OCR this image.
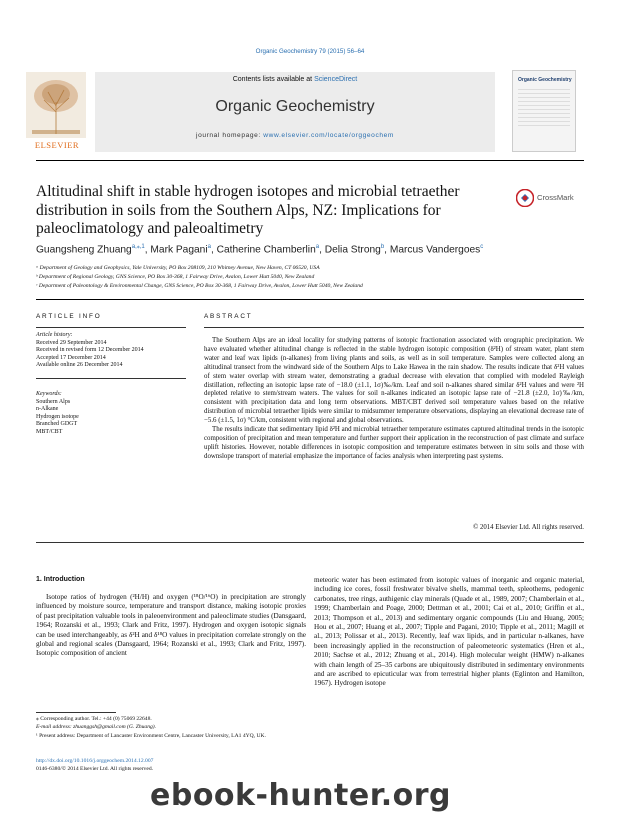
Organic Geochemistry 79 (2015) 56–64
ELSEVIER
Contents lists available at ScienceDirect
Organic Geochemistry
journal homepage: www.elsevier.com/locate/orggeochem
Organic Geochemistry
Altitudinal shift in stable hydrogen isotopes and microbial tetraether distribution in soils from the Southern Alps, NZ: Implications for paleoclimatology and paleoaltimetry
CrossMark
Guangsheng Zhuang$^{a,⁎,1}$, Mark Pagani$^a$, Catherine Chamberlin$^a$, Delia Strong$^b$, Marcus Vandergoes$^c$
ᵃ Department of Geology and Geophysics, Yale University, PO Box 208109, 210 Whitney Avenue, New Haven, CT 06520, USA
ᵇ Department of Regional Geology, GNS Science, PO Box 30-368, 1 Fairway Drive, Avalon, Lower Hutt 5040, New Zealand
ᶜ Department of Paleontology & Environmental Change, GNS Science, PO Box 30-368, 1 Fairway Drive, Avalon, Lower Hutt 5040, New Zealand
ARTICLE INFO

Article history:

Received 29 September 2014

Received in revised form 12 December 2014

Accepted 17 December 2014

Available online 26 December 2014

Keywords:

Southern Alps

n-Alkane

Hydrogen isotope

Branched GDGT

MBT/CBT

ABSTRACT

The Southern Alps are an ideal locality for studying patterns of isotopic fractionation associated with orographic precipitation. We have evaluated whether altitudinal change is reflected in the stable hydrogen isotopic composition (δ²H) of stream water, plant stem water and leaf wax lipids (n-alkanes) from living plants and soils, as well as in soil temperature. Samples were collected along an altitudinal transect from the windward side of the Southern Alps to Lake Hawea in the rain shadow. The results indicate that δ²H values of stem water overlap with stream water, demonstrating a gradual decrease with elevation that complied with modeled Rayleigh distillation, reflecting an isotopic lapse rate of −18.0 (±1.1, 1σ)‰/km. Leaf and soil n-alkanes shared similar δ²H values and were ²H depleted relative to stem/stream waters. The values for soil n-alkanes indicated an isotopic lapse rate of −21.8 (±2.0, 1σ)‰/km, consistent with precipitation data and long term observations. MBT/CBT derived soil temperature values based on the relative distribution of microbial tetraether lipids were similar to midsummer temperature observations, displaying an elevational decrease rate of −5.6 (±1.5, 1σ) °C/km, consistent with regional and global observations.

The results indicate that sedimentary lipid δ²H and microbial tetraether temperature estimates captured altitudinal trends in the isotopic composition of precipitation and mean temperature and further support their application in the reconstruction of past climate and surface uplift histories. However, notable differences in isotopic composition and temperature estimates between in situ soils and those with downslope transport of material emphasize the importance of facies analysis when interpreting past systems.

© 2014 Elsevier Ltd. All rights reserved.
1. Introduction

Isotope ratios of hydrogen (²H/H) and oxygen (¹⁸O/¹⁶O) in precipitation are strongly influenced by moisture source, temperature and transport distance, making isotopic proxies of past precipitation valuable tools in paleoenvironment and paleoclimate studies (Dansgaard, 1964; Rozanski et al., 1993; Clark and Fritz, 1997). Hydrogen and oxygen isotopic signals can be used interchangeably, as δ²H and δ¹⁸O values in precipitation correlate strongly on the global and regional scales (Dansgaard, 1964; Rozanski et al., 1993; Clark and Fritz, 1997). Isotopic composition of ancient

meteoric water has been estimated from isotopic values of inorganic and organic material, including ice cores, fossil freshwater bivalve shells, mammal teeth, spleothems, pedogenic carbonates, tree rings, authigenic clay minerals (Quade et al., 1989, 2007; Chamberlain et al., 1999; Chamberlain and Poage, 2000; Dettman et al., 2001; Cai et al., 2010; Griffin et al., 2013; Thompson et al., 2013) and sedimentary organic compounds (Liu and Huang, 2005; Hou et al., 2007; Huang et al., 2007; Tipple and Pagani, 2010; Tipple et al., 2011; Magill et al., 2013; Polissar et al., 2013). Recently, leaf wax lipids, and in particular n-alkanes, have been increasingly applied in the reconstruction of paleometeoric systematics (Hren et al., 2010; Sachse et al., 2012; Zhuang et al., 2014). High molecular weight (HMW) n-alkanes with chain length of 25–35 carbons are ubiquitously distributed in sedimentary environments and are ascribed to epicuticular wax from terrestrial higher plants (Eglinton and Hamilton, 1967). Hydrogen isotope

⁎ Corresponding author. Tel.: +44 (0) 75069 22648.
E-mail address: zhuanggsh@gmail.com (G. Zhuang).
¹ Present address: Department of Lancaster Environment Centre, Lancaster University, LA1 4YQ, UK.
http://dx.doi.org/10.1016/j.orggeochem.2014.12.007
0146-6380/© 2014 Elsevier Ltd. All rights reserved.
ebook-hunter.org
